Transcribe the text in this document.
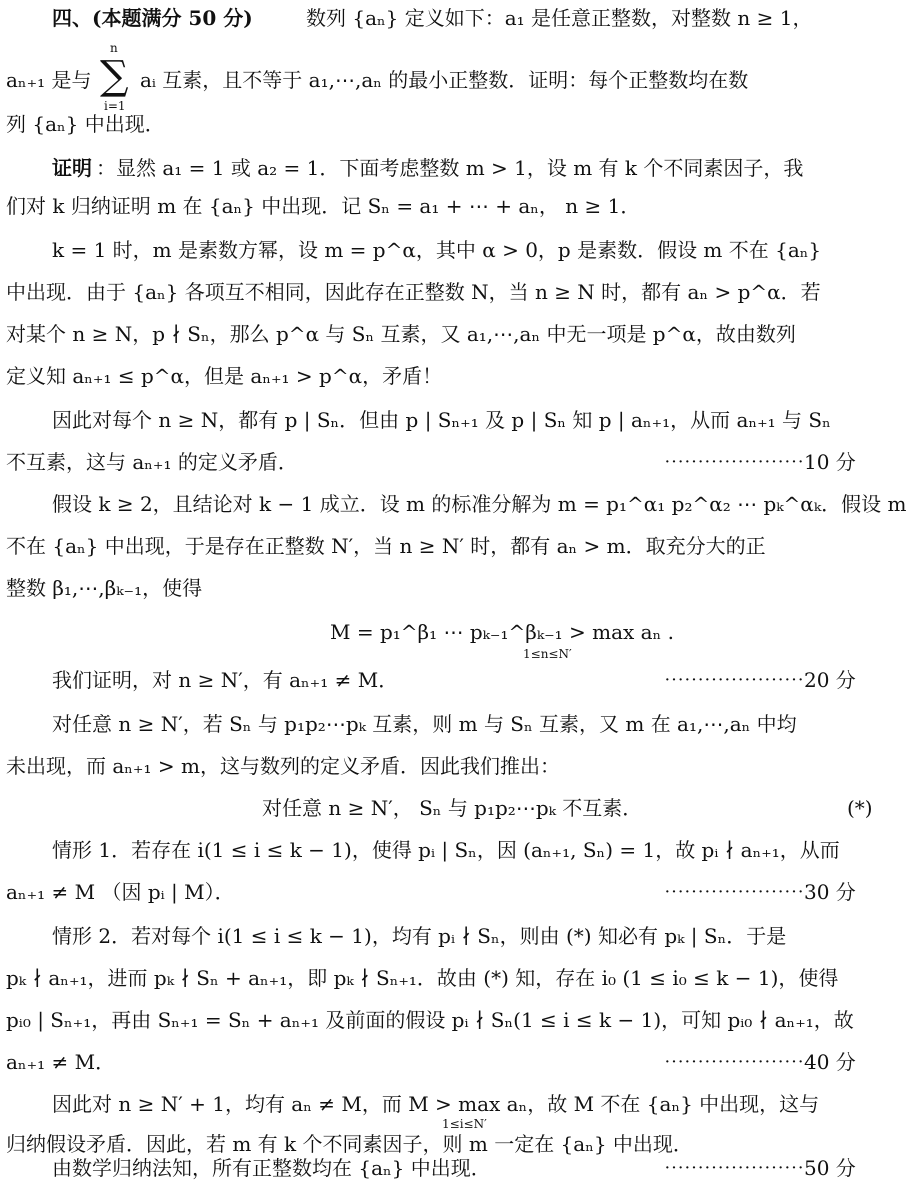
四、(本题满分 50 分)	数列 {aₙ} 定义如下：a₁ 是任意正整数，对整数 n ≥ 1，
aₙ₊₁ 是与
n
∑
i=1
aᵢ 互素，且不等于 a₁,⋯,aₙ 的最小正整数．证明：每个正整数均在数
列 {aₙ} 中出现．
证明 ：显然 a₁ = 1 或 a₂ = 1．下面考虑整数 m > 1，设 m 有 k 个不同素因子，我
们对 k 归纳证明 m 在 {aₙ} 中出现．记 Sₙ = a₁ + ⋯ + aₙ， n ≥ 1．
k = 1 时，m 是素数方幂，设 m = p^α，其中 α > 0，p 是素数．假设 m 不在 {aₙ}
中出现．由于 {aₙ} 各项互不相同，因此存在正整数 N，当 n ≥ N 时，都有 aₙ > p^α．若
对某个 n ≥ N，p ∤ Sₙ，那么 p^α 与 Sₙ 互素，又 a₁,⋯,aₙ 中无一项是 p^α，故由数列
定义知 aₙ₊₁ ≤ p^α，但是 aₙ₊₁ > p^α，矛盾！
因此对每个 n ≥ N，都有 p | Sₙ．但由 p | Sₙ₊₁ 及 p | Sₙ 知 p | aₙ₊₁，从而 aₙ₊₁ 与 Sₙ
不互素，这与 aₙ₊₁ 的定义矛盾．	⋯⋯⋯⋯⋯⋯⋯10 分
假设 k ≥ 2，且结论对 k − 1 成立．设 m 的标准分解为 m = p₁^α₁ p₂^α₂ ⋯ pₖ^αₖ．假设 m
不在 {aₙ} 中出现，于是存在正整数 N′，当 n ≥ N′ 时，都有 aₙ > m．取充分大的正
整数 β₁,⋯,βₖ₋₁，使得
M = p₁^β₁ ⋯ pₖ₋₁^βₖ₋₁ > max aₙ .
1≤n≤N′
我们证明，对 n ≥ N′，有 aₙ₊₁ ≠ M．	⋯⋯⋯⋯⋯⋯⋯20 分
对任意 n ≥ N′，若 Sₙ 与 p₁p₂⋯pₖ 互素，则 m 与 Sₙ 互素，又 m 在 a₁,⋯,aₙ 中均
未出现，而 aₙ₊₁ > m，这与数列的定义矛盾．因此我们推出：
对任意 n ≥ N′， Sₙ 与 p₁p₂⋯pₖ 不互素．	(*)
情形 1．若存在 i(1 ≤ i ≤ k − 1)，使得 pᵢ | Sₙ，因 (aₙ₊₁, Sₙ) = 1，故 pᵢ ∤ aₙ₊₁，从而
aₙ₊₁ ≠ M （因 pᵢ | M）．	⋯⋯⋯⋯⋯⋯⋯30 分
情形 2．若对每个 i(1 ≤ i ≤ k − 1)，均有 pᵢ ∤ Sₙ，则由 (*) 知必有 pₖ | Sₙ．于是
pₖ ∤ aₙ₊₁，进而 pₖ ∤ Sₙ + aₙ₊₁，即 pₖ ∤ Sₙ₊₁．故由 (*) 知，存在 i₀ (1 ≤ i₀ ≤ k − 1)，使得
pᵢ₀ | Sₙ₊₁，再由 Sₙ₊₁ = Sₙ + aₙ₊₁ 及前面的假设 pᵢ ∤ Sₙ(1 ≤ i ≤ k − 1)，可知 pᵢ₀ ∤ aₙ₊₁，故
aₙ₊₁ ≠ M．	⋯⋯⋯⋯⋯⋯⋯40 分
因此对 n ≥ N′ + 1，均有 aₙ ≠ M，而 M > max aₙ，故 M 不在 {aₙ} 中出现，这与
1≤i≤N′
归纳假设矛盾．因此，若 m 有 k 个不同素因子，则 m 一定在 {aₙ} 中出现．
由数学归纳法知，所有正整数均在 {aₙ} 中出现．	⋯⋯⋯⋯⋯⋯⋯50 分
